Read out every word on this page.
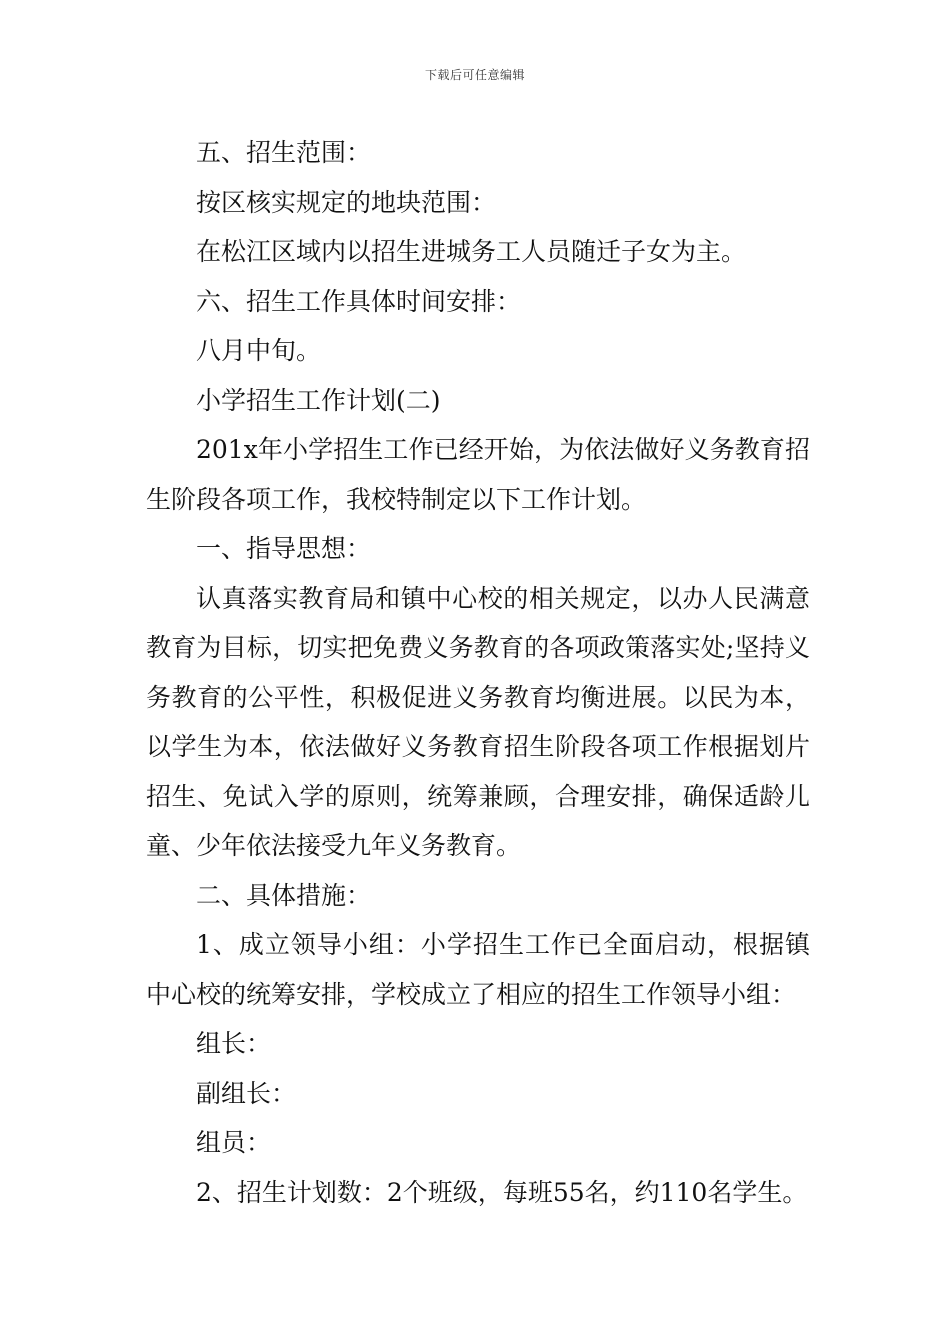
下载后可任意编辑

五、招生范围：

按区核实规定的地块范围：

在松江区域内以招生进城务工人员随迁子女为主。

六、招生工作具体时间安排：

八月中旬。

小学招生工作计划(二)

201x年小学招生工作已经开始，为依法做好义务教育招生阶段各项工作，我校特制定以下工作计划。

一、指导思想：

认真落实教育局和镇中心校的相关规定，以办人民满意教育为目标，切实把免费义务教育的各项政策落实处;坚持义务教育的公平性，积极促进义务教育均衡进展。以民为本，以学生为本，依法做好义务教育招生阶段各项工作根据划片招生、免试入学的原则，统筹兼顾，合理安排，确保适龄儿童、少年依法接受九年义务教育。

二、具体措施：

1、成立领导小组：小学招生工作已全面启动，根据镇中心校的统筹安排，学校成立了相应的招生工作领导小组：

组长：

副组长：

组员：

2、招生计划数：2个班级，每班55名，约110名学生。
